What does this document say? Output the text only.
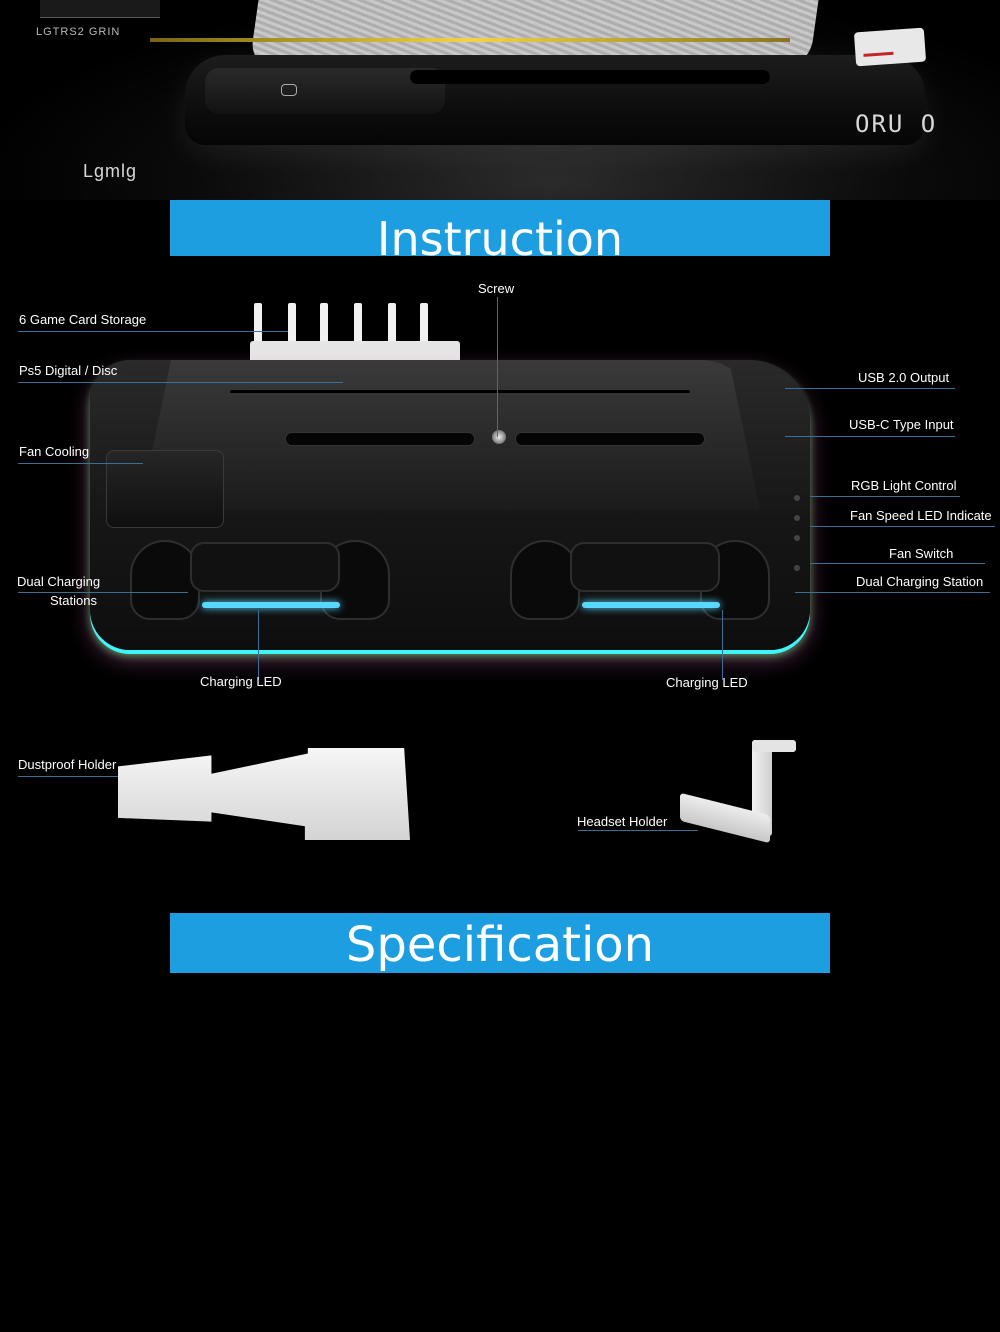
LGTRS2 GRIN
Lgmlg
ORU O
Instruction
Screw
6 Game Card Storage
Ps5 Digital / Disc
Fan Cooling
Dual Charging
Stations
Charging LED	Charging LED
USB 2.0 Output
USB-C Type Input
RGB Light Control
Fan Speed LED Indicate
Fan Switch
Dual Charging Station
Dustproof Holder
Headset Holder
Specification
